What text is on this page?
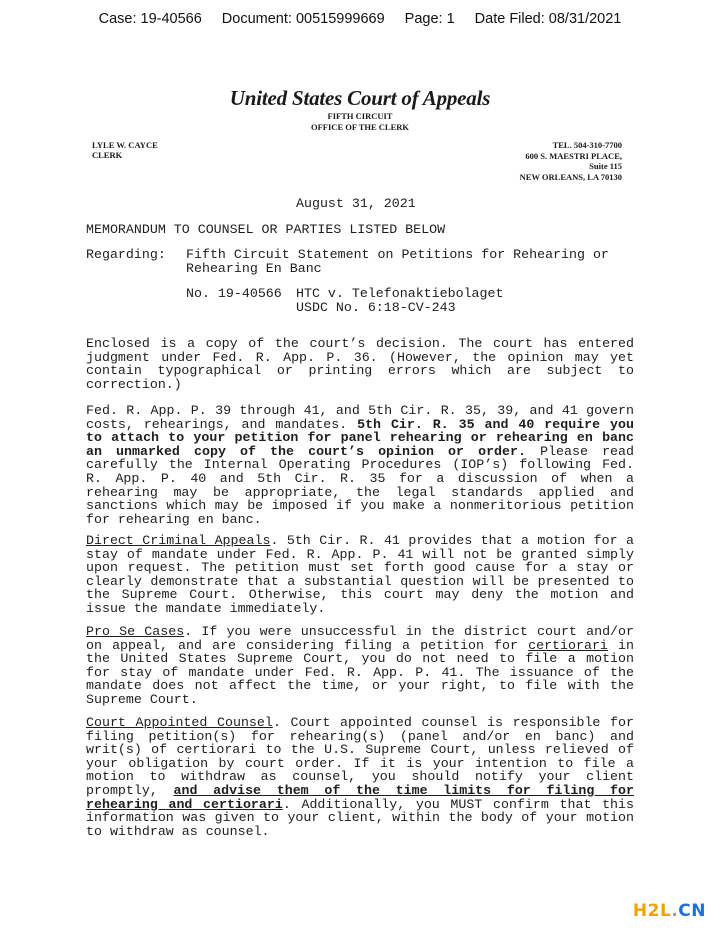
Case: 19-40566 Document: 00515999669 Page: 1 Date Filed: 08/31/2021
United States Court of Appeals
FIFTH CIRCUIT
OFFICE OF THE CLERK
LYLE W. CAYCE
CLERK
TEL. 504-310-7700
600 S. MAESTRI PLACE,
Suite 115
NEW ORLEANS, LA 70130
August 31, 2021
MEMORANDUM TO COUNSEL OR PARTIES LISTED BELOW
Regarding: Fifth Circuit Statement on Petitions for Rehearing or Rehearing En Banc
No. 19-40566 HTC v. Telefonaktiebolaget
USDC No. 6:18-CV-243
Enclosed is a copy of the court’s decision. The court has entered judgment under Fed. R. App. P. 36. (However, the opinion may yet contain typographical or printing errors which are subject to correction.)
Fed. R. App. P. 39 through 41, and 5th Cir. R. 35, 39, and 41 govern costs, rehearings, and mandates. 5th Cir. R. 35 and 40 require you to attach to your petition for panel rehearing or rehearing en banc an unmarked copy of the court’s opinion or order. Please read carefully the Internal Operating Procedures (IOP’s) following Fed. R. App. P. 40 and 5th Cir. R. 35 for a discussion of when a rehearing may be appropriate, the legal standards applied and sanctions which may be imposed if you make a nonmeritorious petition for rehearing en banc.
Direct Criminal Appeals. 5th Cir. R. 41 provides that a motion for a stay of mandate under Fed. R. App. P. 41 will not be granted simply upon request. The petition must set forth good cause for a stay or clearly demonstrate that a substantial question will be presented to the Supreme Court. Otherwise, this court may deny the motion and issue the mandate immediately.
Pro Se Cases. If you were unsuccessful in the district court and/or on appeal, and are considering filing a petition for certiorari in the United States Supreme Court, you do not need to file a motion for stay of mandate under Fed. R. App. P. 41. The issuance of the mandate does not affect the time, or your right, to file with the Supreme Court.
Court Appointed Counsel. Court appointed counsel is responsible for filing petition(s) for rehearing(s) (panel and/or en banc) and writ(s) of certiorari to the U.S. Supreme Court, unless relieved of your obligation by court order. If it is your intention to file a motion to withdraw as counsel, you should notify your client promptly, and advise them of the time limits for filing for rehearing and certiorari. Additionally, you MUST confirm that this information was given to your client, within the body of your motion to withdraw as counsel.
H2L.CN
